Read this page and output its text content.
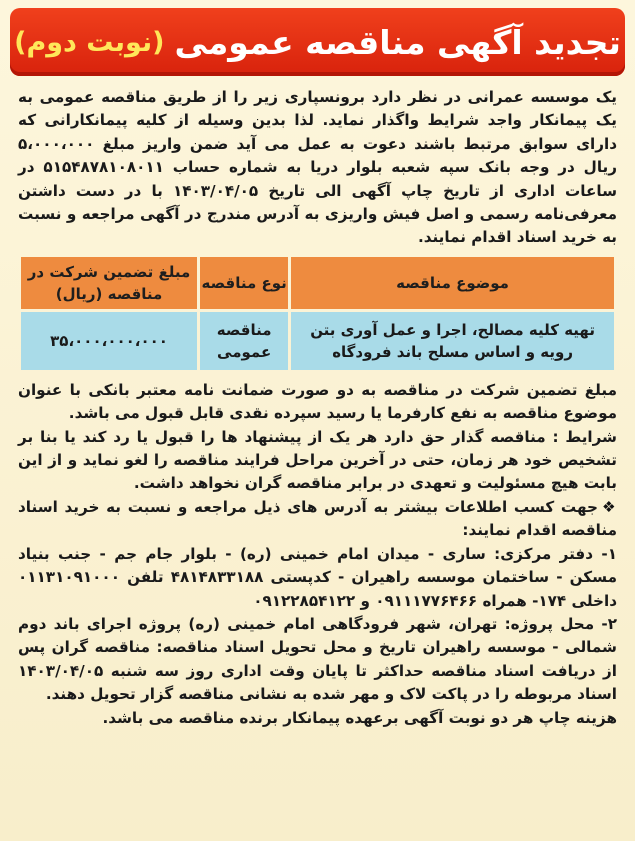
تجدید آگهی مناقصه عمومی
(نوبت دوم)

یک موسسه عمرانی در نظر دارد برونسپاری زیر را از طریق مناقصه عمومی به یک پیمانکار واجد شرایط واگذار نماید. لذا بدین وسیله از کلیه پیمانکارانی که دارای سوابق مرتبط باشند دعوت به عمل می آید ضمن واریز مبلغ ۵،۰۰۰،۰۰۰ ریال در وجه بانک سپه شعبه بلوار دریا به شماره حساب ۵۱۵۴۸۷۸۱۰۸۰۱۱ در ساعات اداری از تاریخ چاپ آگهی الی تاریخ ۱۴۰۳/۰۴/۰۵ با در دست داشتن معرفی‌نامه رسمی و اصل فیش واریزی به آدرس مندرج در آگهی مراجعه و نسبت به خرید اسناد اقدام نمایند.

موضوع مناقصه	نوع مناقصه	مبلغ تضمین شرکت در مناقصه (ریال)
تهیه کلیه مصالح، اجرا و عمل آوری بتن رویه و اساس مسلح باند فرودگاه	مناقصه عمومی	۳۵،۰۰۰،۰۰۰،۰۰۰

مبلغ تضمین شرکت در مناقصه به دو صورت ضمانت نامه معتبر بانکی با عنوان موضوع مناقصه به نفع کارفرما یا رسید سپرده نقدی قابل قبول می باشد.

شرایط : مناقصه گذار حق دارد هر یک از پیشنهاد ها را قبول یا رد کند یا بنا بر تشخیص خود هر زمان، حتی در آخرین مراحل فرایند مناقصه را لغو نماید و از این بابت هیچ مسئولیت و تعهدی در برابر مناقصه گران نخواهد داشت.

❖جهت کسب اطلاعات بیشتر به آدرس های ذیل مراجعه و نسبت به خرید اسناد مناقصه اقدام نمایند:

۱- دفتر مرکزی: ساری - میدان امام خمینی (ره) - بلوار جام جم - جنب بنیاد مسکن - ساختمان موسسه راهیران - کدپستی ۴۸۱۴۸۳۳۱۸۸ تلفن ۰۱۱۳۱۰۹۱۰۰۰ داخلی ۱۷۴- همراه ۰۹۱۱۱۷۷۶۴۶۶ و ۰۹۱۲۲۸۵۴۱۲۲

۲- محل پروژه: تهران، شهر فرودگاهی امام خمینی (ره) پروژه اجرای باند دوم شمالی - موسسه راهیران تاریخ و محل تحویل اسناد مناقصه: مناقصه گران پس از دریافت اسناد مناقصه حداکثر تا پایان وقت اداری روز سه شنبه ۱۴۰۳/۰۴/۰۵ اسناد مربوطه را در پاکت لاک و مهر شده به نشانی مناقصه گزار تحویل دهند.

هزینه چاپ هر دو نوبت آگهی برعهده پیمانکار برنده مناقصه می باشد.
